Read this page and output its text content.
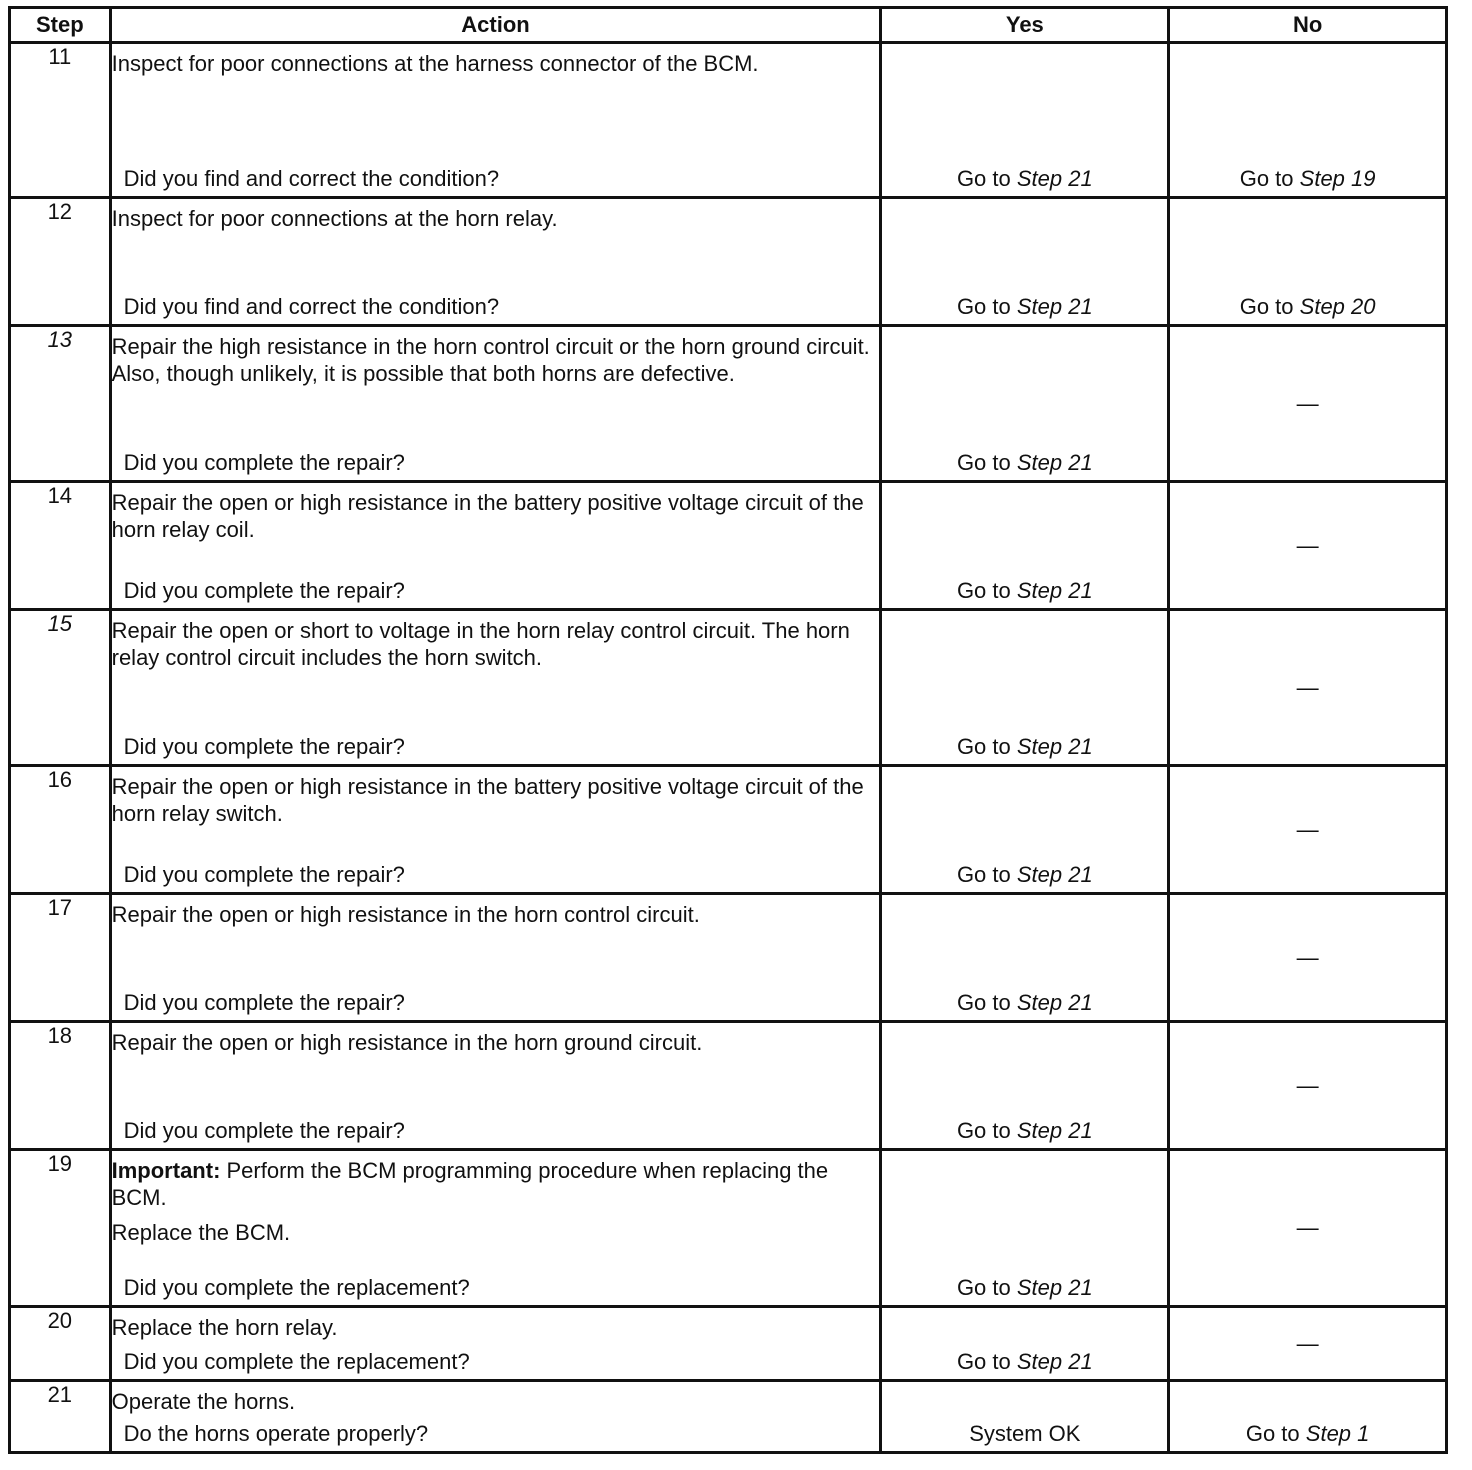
Step	Action	Yes	No
11	Inspect for poor connections at the harness connector of the BCM.

Did you find and correct the condition?	Go to Step 21	Go to Step 19

12	Inspect for poor connections at the horn relay.

Did you find and correct the condition?	Go to Step 21	Go to Step 20

13	Repair the high resistance in the horn control circuit or the horn ground circuit. Also, though unlikely, it is possible that both horns are defective.

Did you complete the repair?	Go to Step 21	—

14	Repair the open or high resistance in the battery positive voltage circuit of the horn relay coil.

Did you complete the repair?	Go to Step 21	—

15	Repair the open or short to voltage in the horn relay control circuit. The horn relay control circuit includes the horn switch.

Did you complete the repair?	Go to Step 21	—

16	Repair the open or high resistance in the battery positive voltage circuit of the horn relay switch.

Did you complete the repair?	Go to Step 21	—

17	Repair the open or high resistance in the horn control circuit.

Did you complete the repair?	Go to Step 21	—

18	Repair the open or high resistance in the horn ground circuit.

Did you complete the repair?	Go to Step 21	—

19	Important: Perform the BCM programming procedure when replacing the BCM.

Replace the BCM.

Did you complete the replacement?	Go to Step 21	—

20	Replace the horn relay.

Did you complete the replacement?	Go to Step 21	—

21	Operate the horns.

Do the horns operate properly?	System OK	Go to Step 1
